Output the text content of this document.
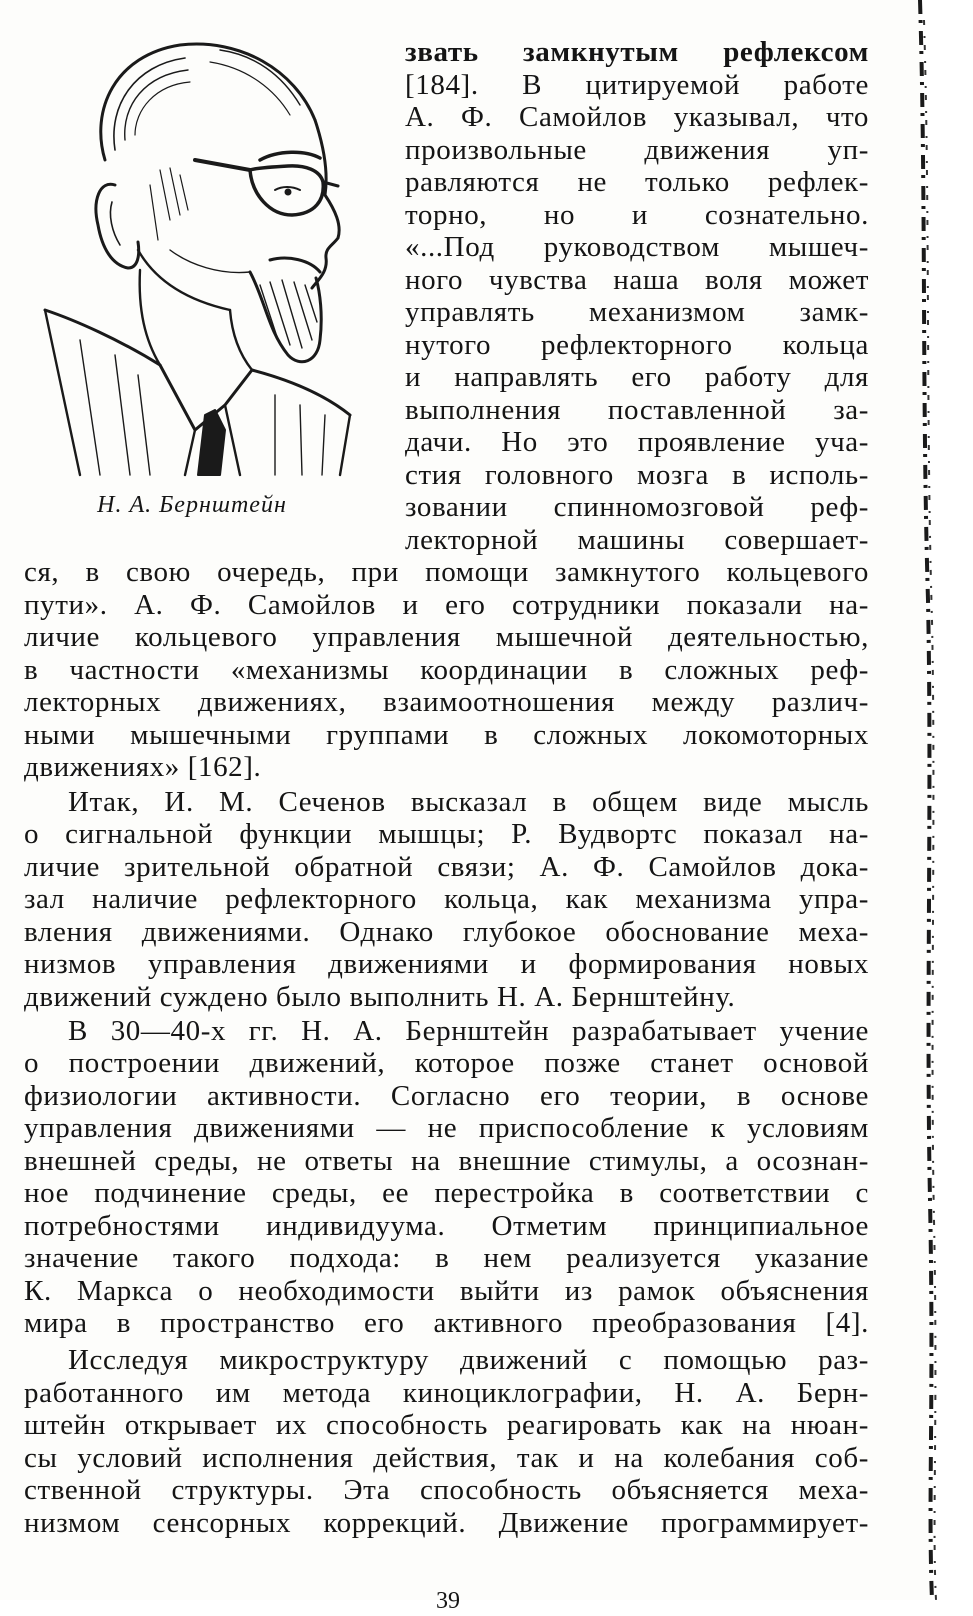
Н. А. Бернштейн
звать замкнутым рефлексом
[184]. В цитируемой работе
А. Ф. Самойлов указывал, что
произвольные движения уп-
равляются не только рефлек-
торно, но и сознательно.
«...Под руководством мышеч-
ного чувства наша воля может
управлять механизмом замк-
нутого рефлекторного кольца
и направлять его работу для
выполнения поставленной за-
дачи. Но это проявление уча-
стия головного мозга в исполь-
зовании спинномозговой реф-
лекторной машины совершает-
ся, в свою очередь, при помощи замкнутого кольцевого
пути». А. Ф. Самойлов и его сотрудники показали на-
личие кольцевого управления мышечной деятельностью,
в частности «механизмы координации в сложных реф-
лекторных движениях, взаимоотношения между различ-
ными мышечными группами в сложных локомоторных
движениях» [162].
Итак, И. М. Сеченов высказал в общем виде мысль
о сигнальной функции мышцы; Р. Вудвортс показал на-
личие зрительной обратной связи; А. Ф. Самойлов дока-
зал наличие рефлекторного кольца, как механизма упра-
вления движениями. Однако глубокое обоснование меха-
низмов управления движениями и формирования новых
движений суждено было выполнить Н. А. Бернштейну.
В 30—40-х гг. Н. А. Бернштейн разрабатывает учение
о построении движений, которое позже станет основой
физиологии активности. Согласно его теории, в основе
управления движениями — не приспособление к условиям
внешней среды, не ответы на внешние стимулы, а осознан-
ное подчинение среды, ее перестройка в соответствии с
потребностями индивидуума. Отметим принципиальное
значение такого подхода: в нем реализуется указание
К. Маркса о необходимости выйти из рамок объяснения
мира в пространство его активного преобразования [4].
Исследуя микроструктуру движений с помощью раз-
работанного им метода киноциклографии, Н. А. Берн-
штейн открывает их способность реагировать как на нюан-
сы условий исполнения действия, так и на колебания соб-
ственной структуры. Эта способность объясняется меха-
низмом сенсорных коррекций. Движение программирует-
39
